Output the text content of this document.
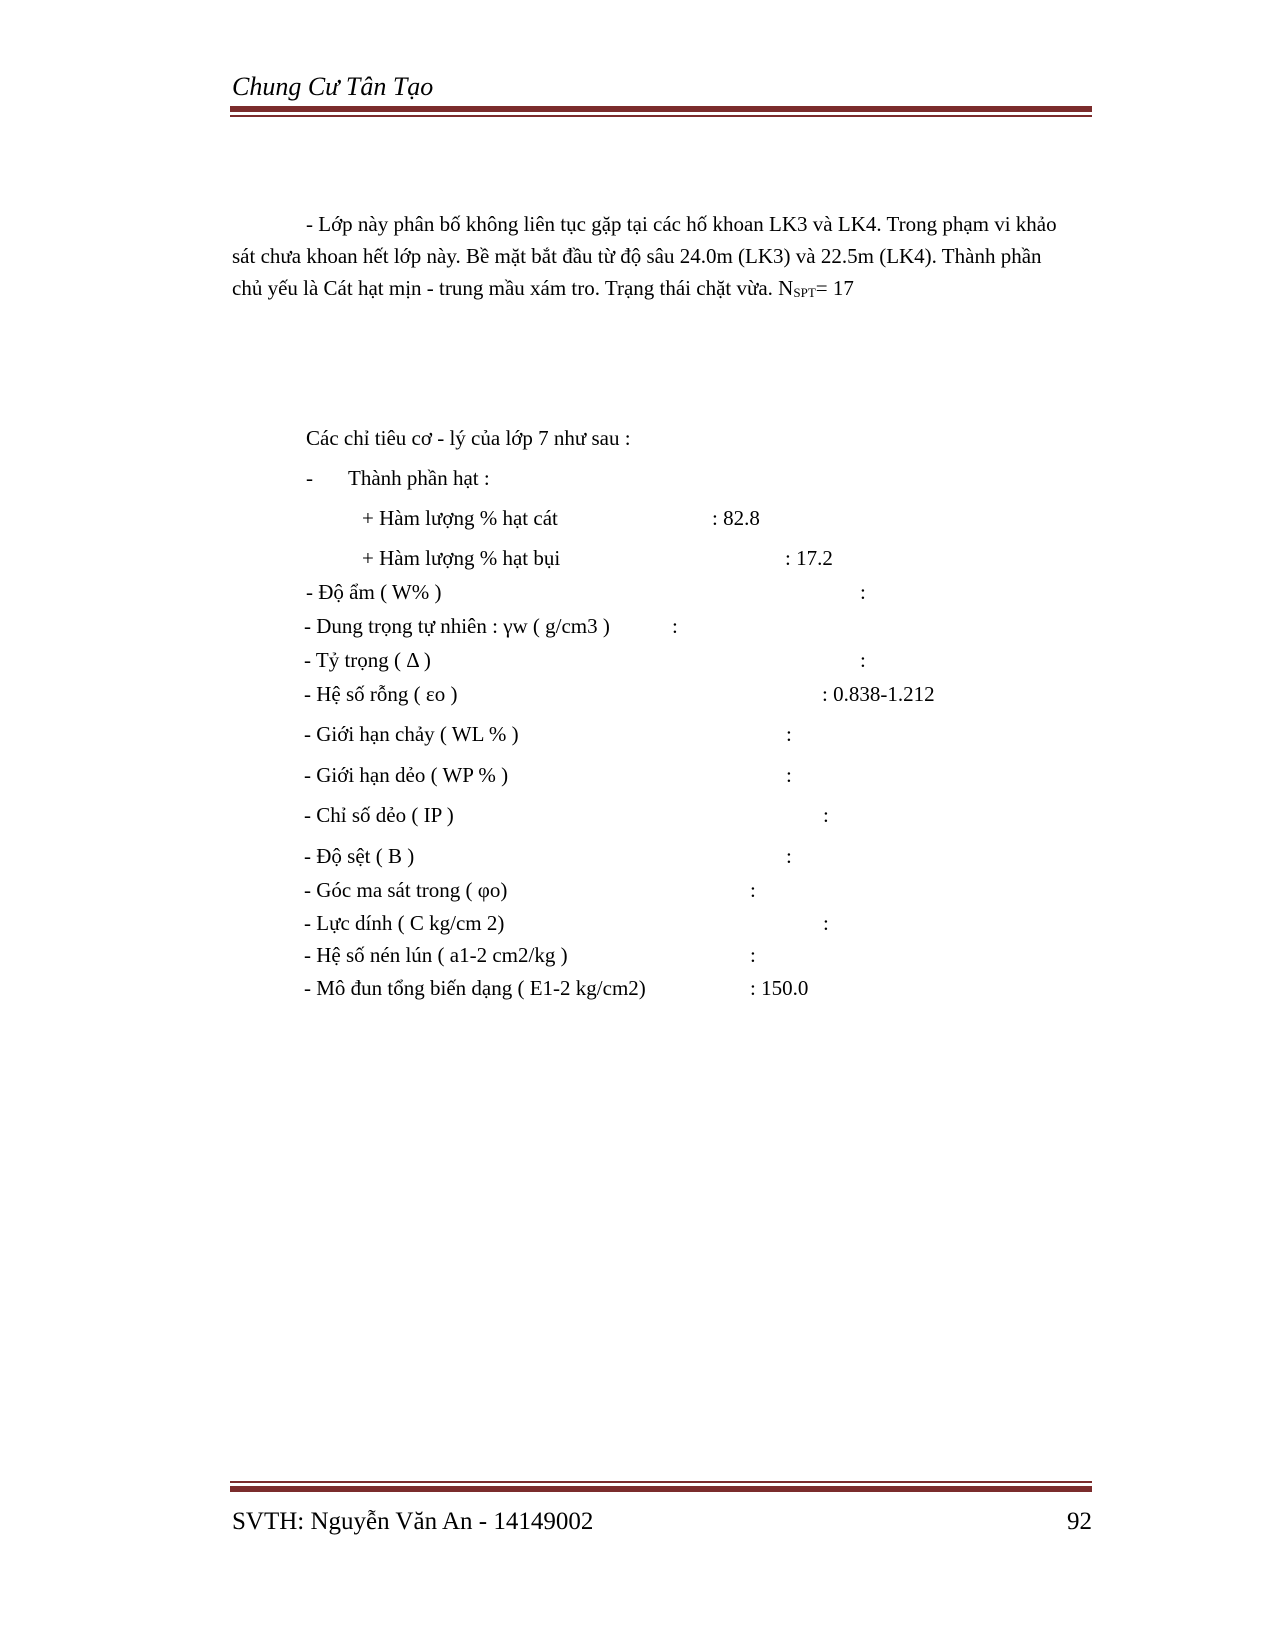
Chung Cư Tân Tạo

- Lớp này phân bố không liên tục gặp tại các hố khoan LK3 và LK4. Trong phạm vi khảo sát chưa khoan hết lớp này. Bề mặt bắt đầu từ độ sâu 24.0m (LK3) và 22.5m (LK4). Thành phần chủ yếu là Cát hạt mịn - trung mầu xám tro. Trạng thái chặt vừa. $N_{SPT}= 17$

Các chỉ tiêu cơ - lý của lớp 7 như sau :
- Thành phần hạt :
+ Hàm lượng % hạt cát	: 82.8
+ Hàm lượng % hạt bụi	: 17.2
- Độ ẩm ( W% )	:
- Dung trọng tự nhiên : γw ( g/cm3 )	:
- Tỷ trọng ( Δ )	:
- Hệ số rỗng ( εo )	: 0.838-1.212
- Giới hạn chảy ( WL % )	:
- Giới hạn dẻo ( WP % )	:
- Chỉ số dẻo ( IP )	:
- Độ sệt ( B )	:
- Góc ma sát trong ( φo)	:
- Lực dính ( C kg/cm 2)	:
- Hệ số nén lún ( a1-2 cm2/kg )	:
- Mô đun tổng biến dạng ( E1-2 kg/cm2)	: 150.0
SVTH: Nguyễn Văn An - 14149002	92
